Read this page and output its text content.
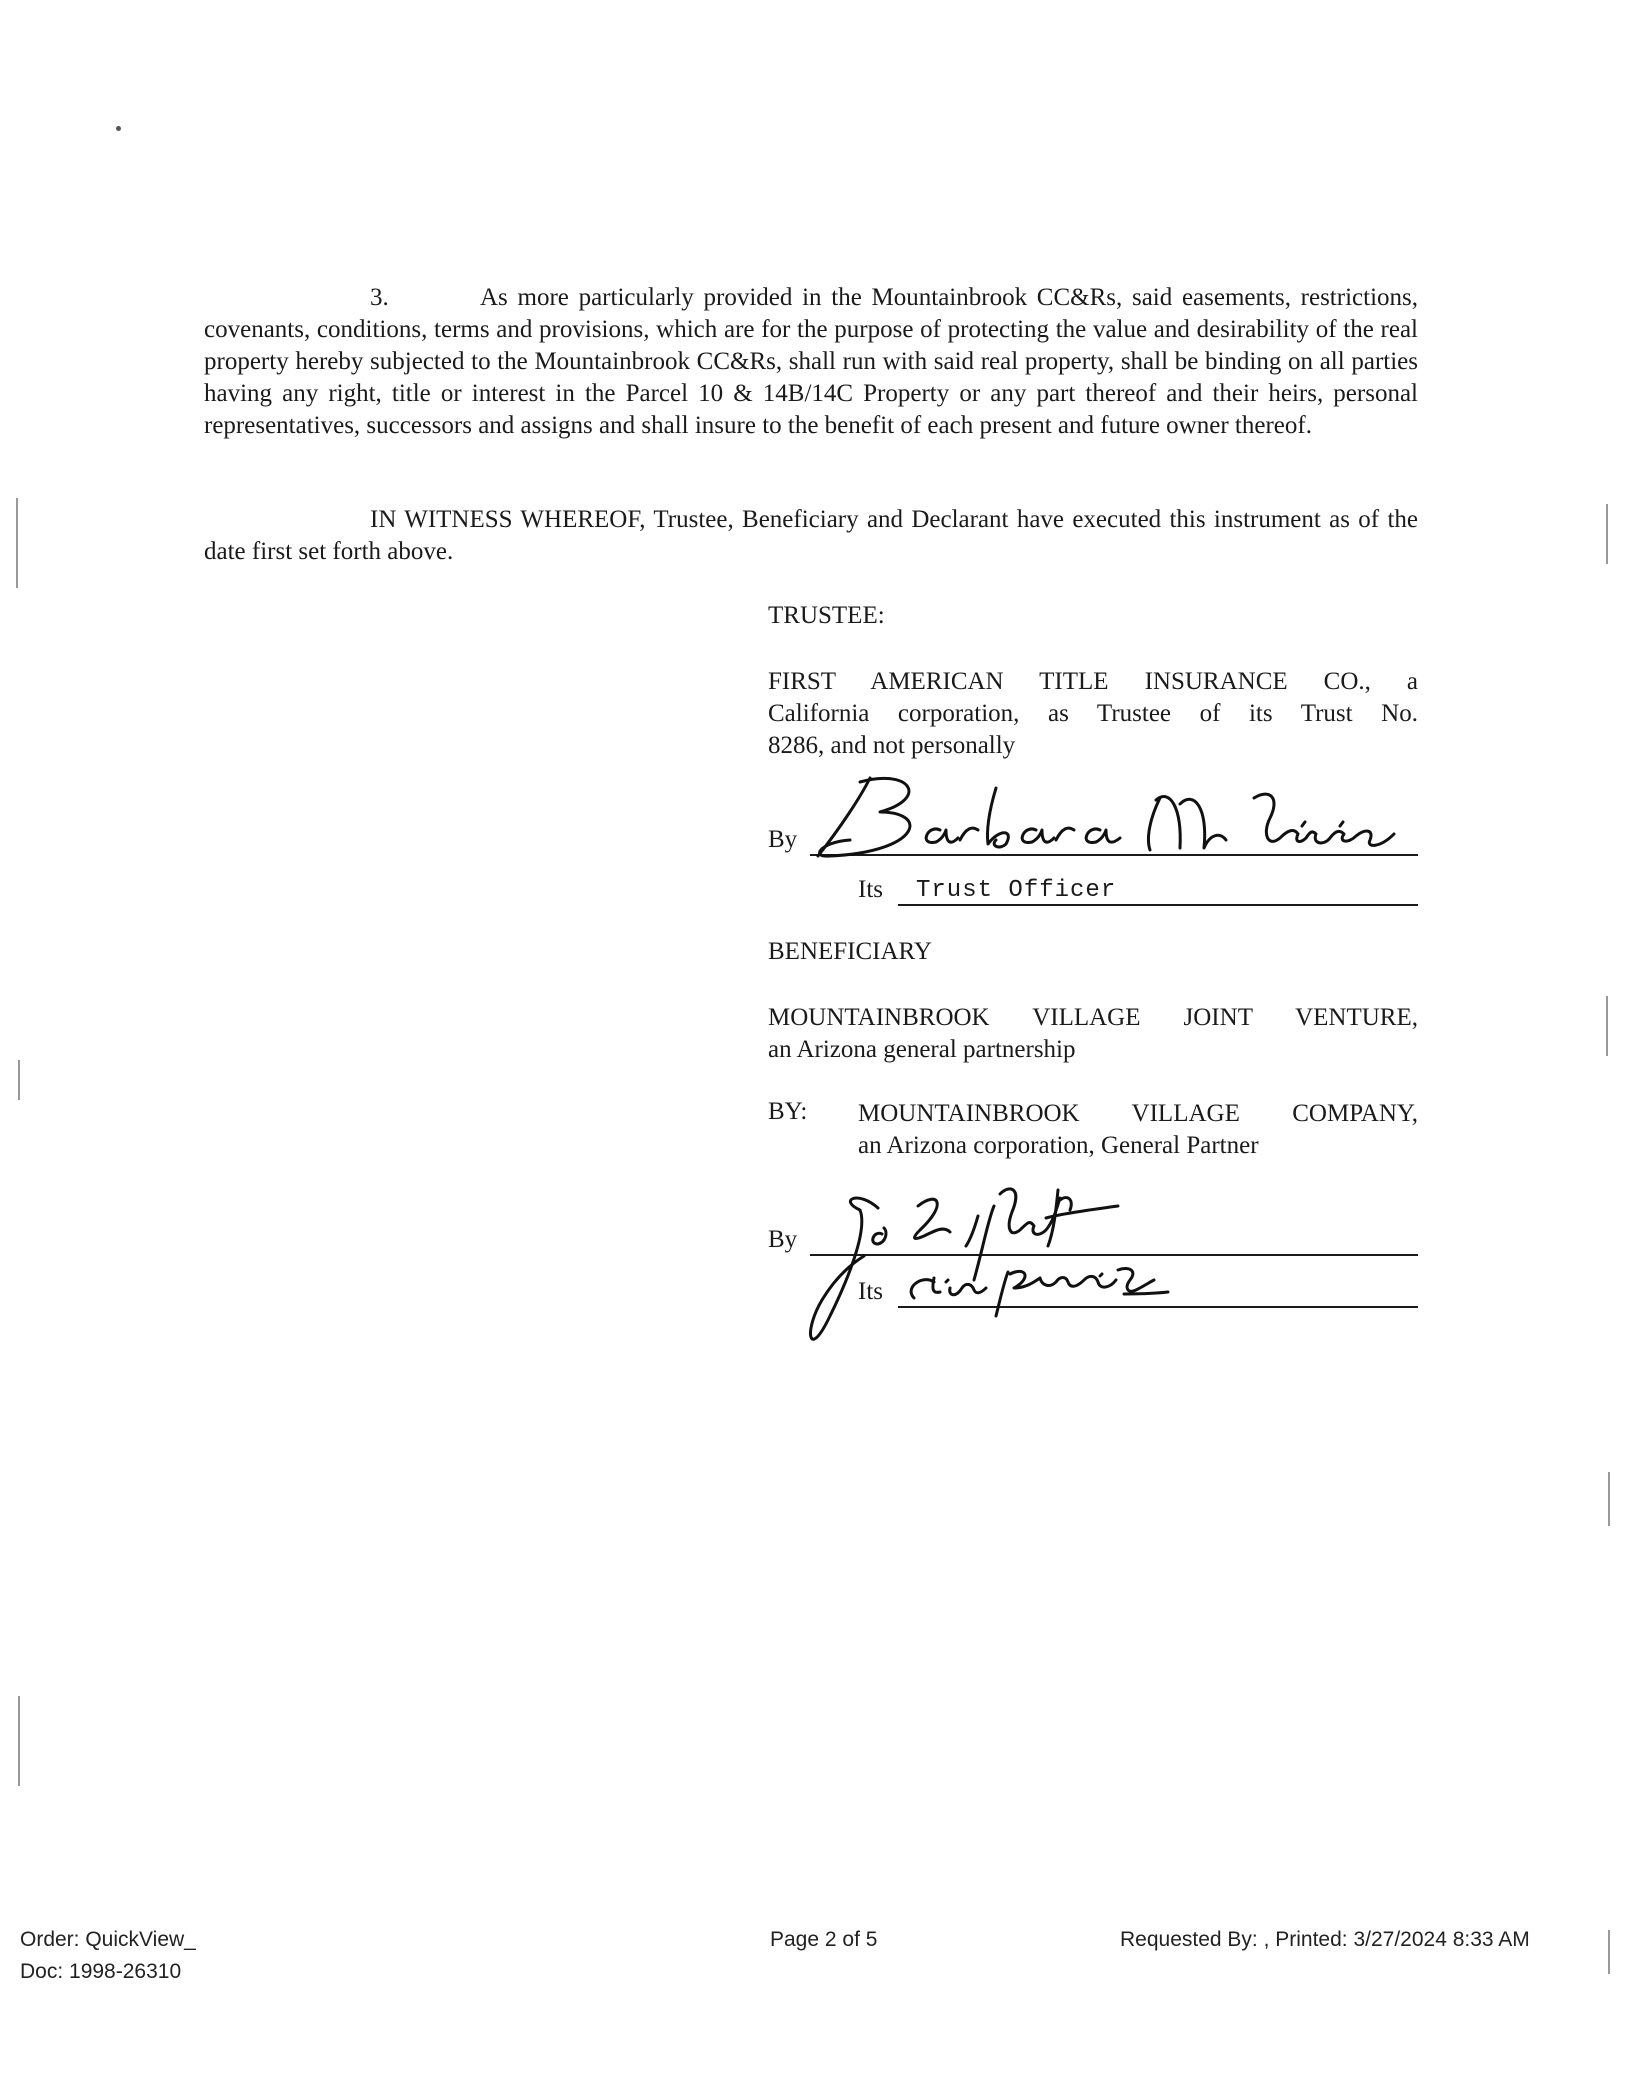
3.	As more particularly provided in the Mountainbrook CC&Rs, said easements, restrictions, covenants, conditions, terms and provisions, which are for the purpose of protecting the value and desirability of the real property hereby subjected to the Mountainbrook CC&Rs, shall run with said real property, shall be binding on all parties having any right, title or interest in the Parcel 10 & 14B/14C Property or any part thereof and their heirs, personal representatives, successors and assigns and shall insure to the benefit of each present and future owner thereof.
IN WITNESS WHEREOF, Trustee, Beneficiary and Declarant have executed this instrument as of the date first set forth above.
TRUSTEE:
FIRST AMERICAN TITLE INSURANCE CO., a
California corporation, as Trustee of its Trust No.
8286, and not personally
By
Its Trust Officer
BENEFICIARY
MOUNTAINBROOK VILLAGE JOINT VENTURE,
an Arizona general partnership
BY: MOUNTAINBROOK VILLAGE COMPANY,
an Arizona corporation, General Partner
By
Its
Order: QuickView_
Doc: 1998-26310
Page 2 of 5	Requested By: , Printed: 3/27/2024 8:33 AM
